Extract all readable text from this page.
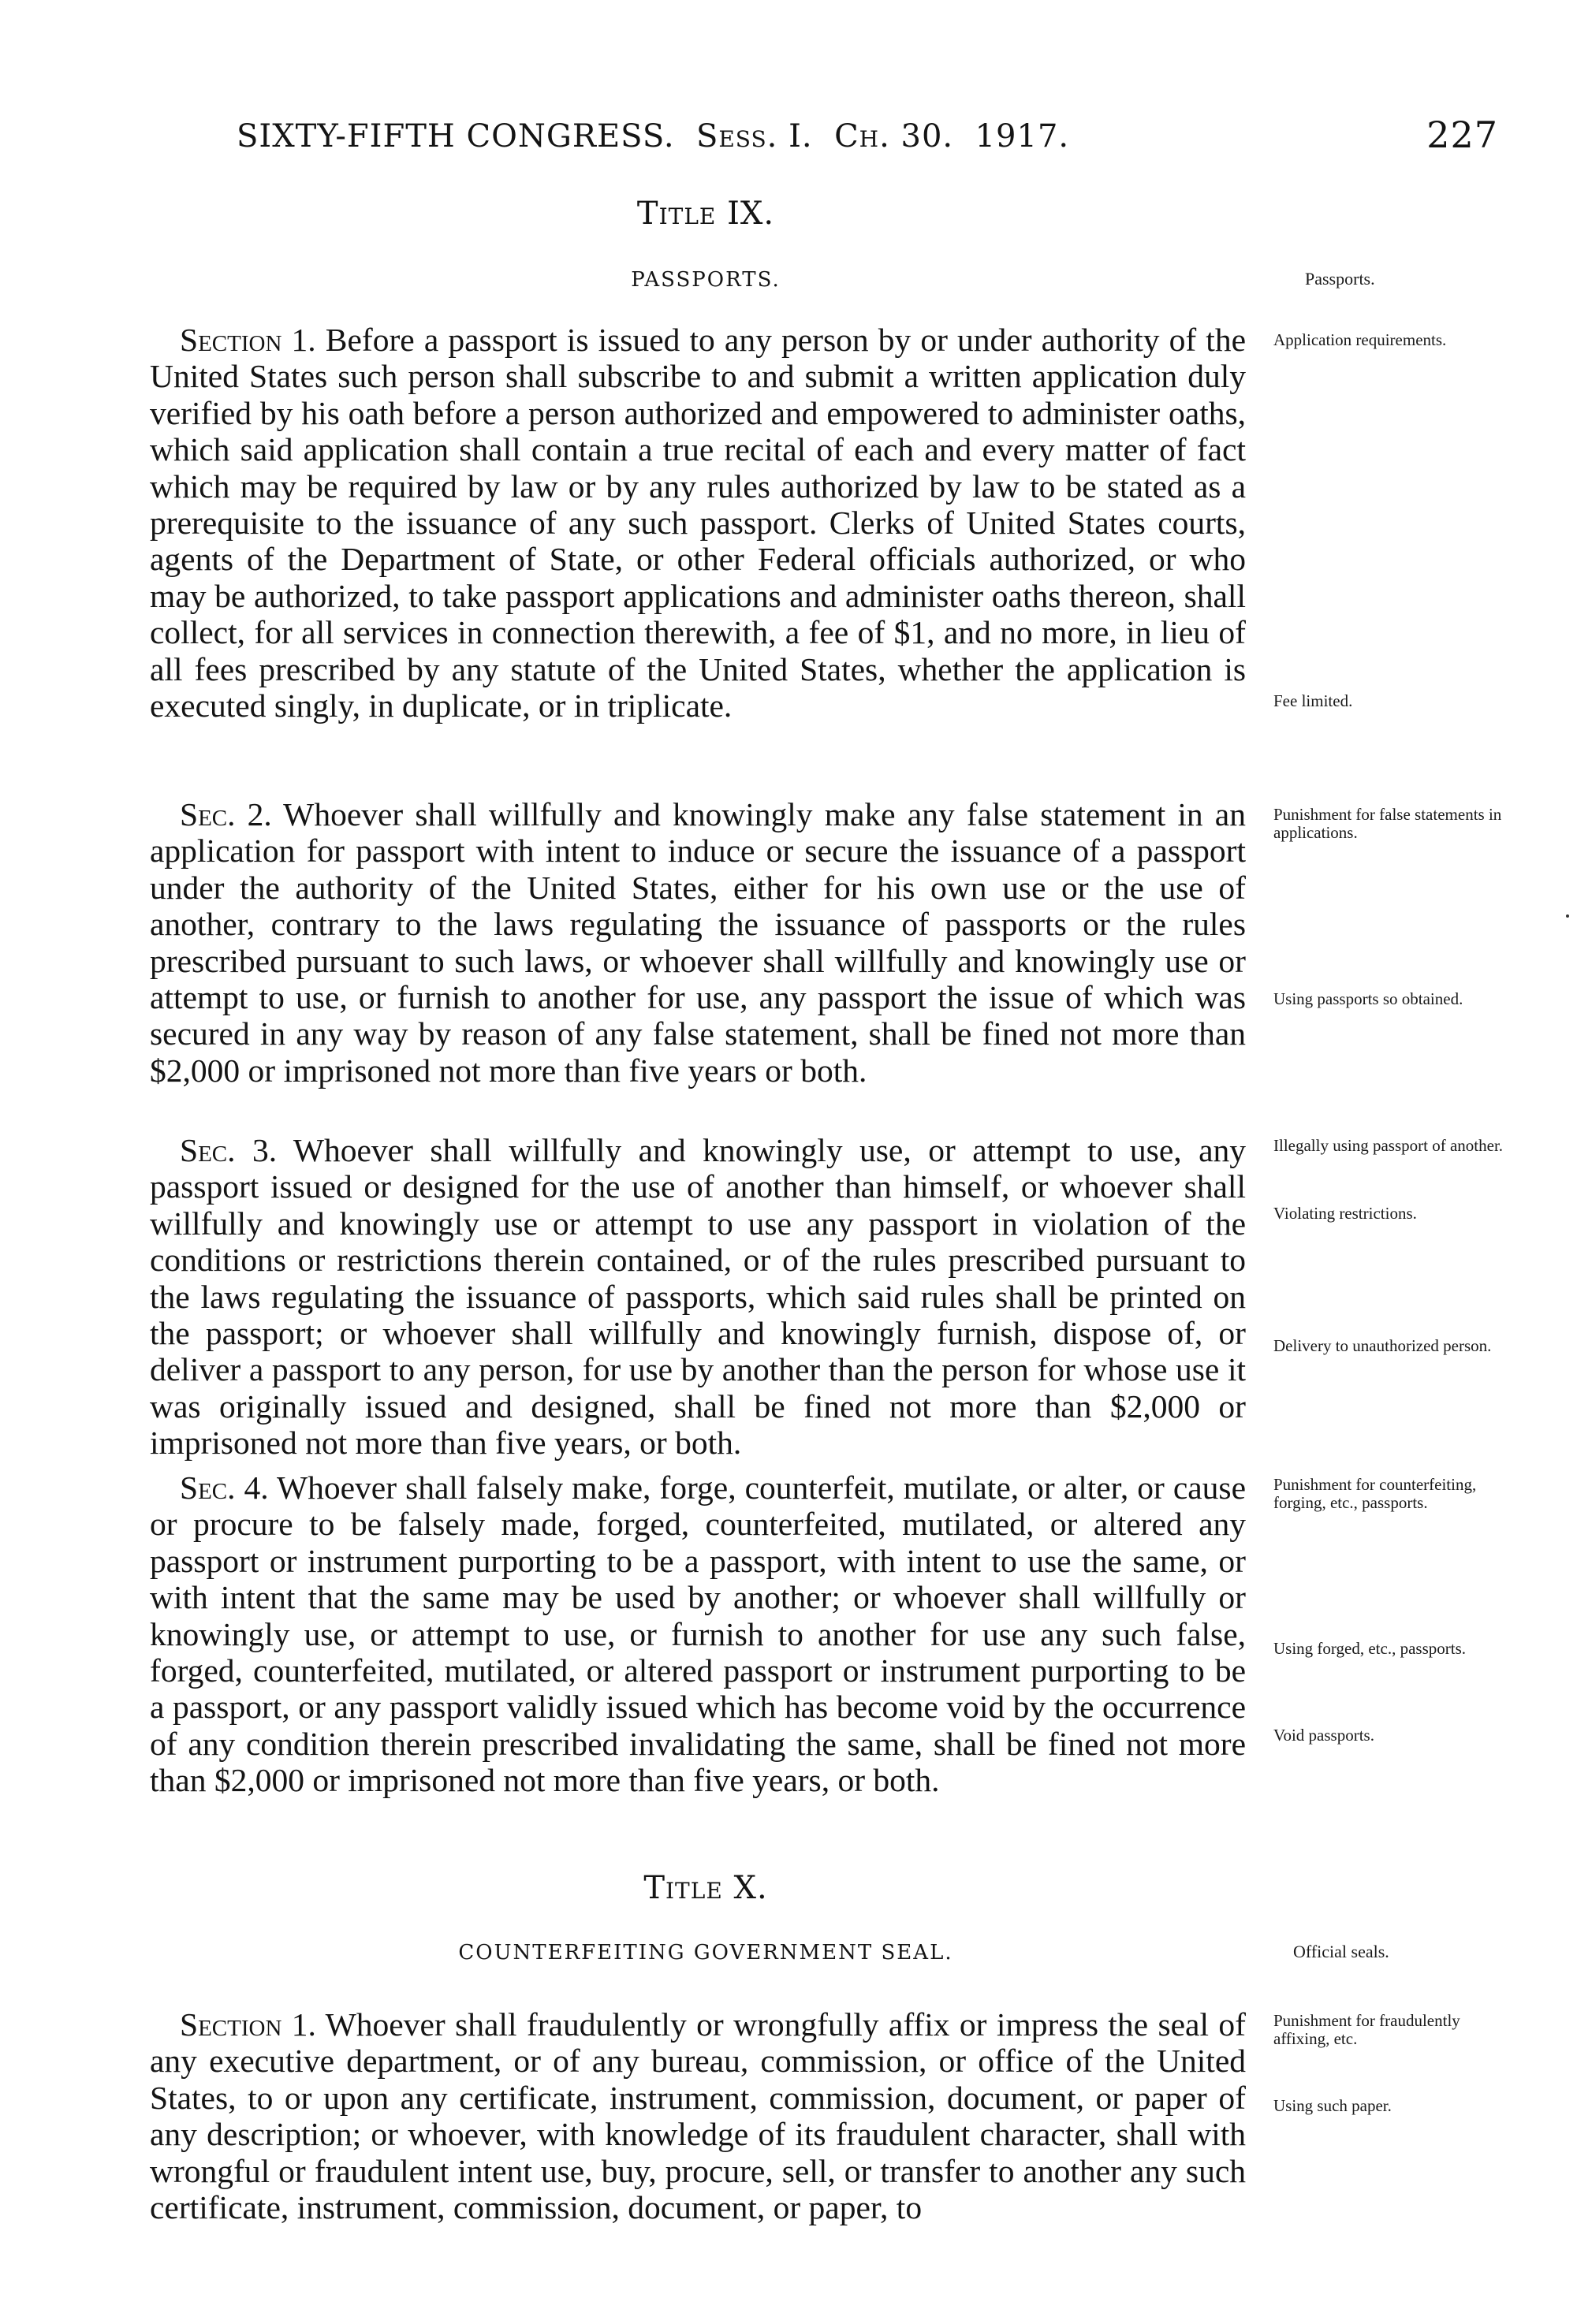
SIXTY-FIFTH CONGRESS. Sess. I. Ch. 30. 1917.	227
Title IX.
PASSPORTS.	Passports.

Section 1. Before a passport is issued to any person by or under authority of the United States such person shall subscribe to and submit a written application duly verified by his oath before a person authorized and empowered to administer oaths, which said application shall contain a true recital of each and every matter of fact which may be required by law or by any rules authorized by law to be stated as a prerequisite to the issuance of any such passport. Clerks of United States courts, agents of the Department of State, or other Federal officials authorized, or who may be authorized, to take passport applications and administer oaths thereon, shall collect, for all services in connection therewith, a fee of $1, and no more, in lieu of all fees prescribed by any statute of the United States, whether the application is executed singly, in duplicate, or in triplicate.

Sec. 2. Whoever shall willfully and knowingly make any false statement in an application for passport with intent to induce or secure the issuance of a passport under the authority of the United States, either for his own use or the use of another, contrary to the laws regulating the issuance of passports or the rules prescribed pursuant to such laws, or whoever shall willfully and knowingly use or attempt to use, or furnish to another for use, any passport the issue of which was secured in any way by reason of any false statement, shall be fined not more than $2,000 or imprisoned not more than five years or both.

Sec. 3. Whoever shall willfully and knowingly use, or attempt to use, any passport issued or designed for the use of another than himself, or whoever shall willfully and knowingly use or attempt to use any passport in violation of the conditions or restrictions therein contained, or of the rules prescribed pursuant to the laws regulating the issuance of passports, which said rules shall be printed on the passport; or whoever shall willfully and knowingly furnish, dispose of, or deliver a passport to any person, for use by another than the person for whose use it was originally issued and designed, shall be fined not more than $2,000 or imprisoned not more than five years, or both.

Sec. 4. Whoever shall falsely make, forge, counterfeit, mutilate, or alter, or cause or procure to be falsely made, forged, counterfeited, mutilated, or altered any passport or instrument purporting to be a passport, with intent to use the same, or with intent that the same may be used by another; or whoever shall willfully or knowingly use, or attempt to use, or furnish to another for use any such false, forged, counterfeited, mutilated, or altered passport or instrument purporting to be a passport, or any passport validly issued which has become void by the occurrence of any condition therein prescribed invalidating the same, shall be fined not more than $2,000 or imprisoned not more than five years, or both.

Title X.
COUNTERFEITING GOVERNMENT SEAL.	Official seals.

Section 1. Whoever shall fraudulently or wrongfully affix or impress the seal of any executive department, or of any bureau, commission, or office of the United States, to or upon any certificate, instrument, commission, document, or paper of any description; or whoever, with knowledge of its fraudulent character, shall with wrongful or fraudulent intent use, buy, procure, sell, or transfer to another any such certificate, instrument, commission, document, or paper, to

Application requirements.
Fee limited.
Punishment for false statements in applications.
Using passports so obtained.
Illegally using passport of another.
Violating restrictions.
Delivery to unauthorized person.
Punishment for counterfeiting, forging, etc., passports.
Using forged, etc., passports.
Void passports.
Punishment for fraudulently affixing, etc.
Using such paper.
